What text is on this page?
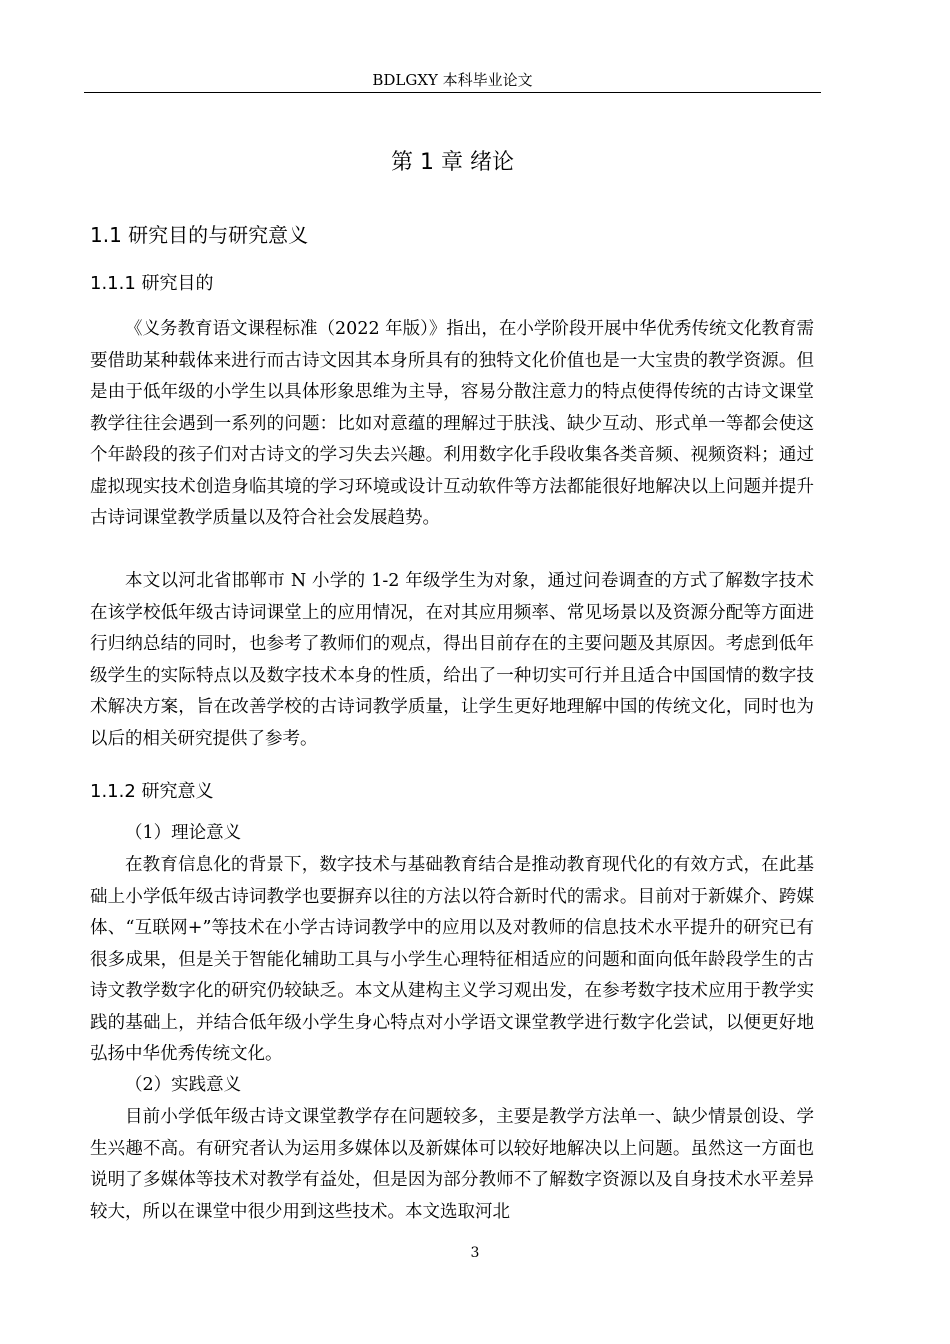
BDLGXY 本科毕业论文
第 1 章 绪论
1.1 研究目的与研究意义
1.1.1 研究目的

《义务教育语文课程标准（2022 年版）》指出，在小学阶段开展中华优秀传统文化教育需要借助某种载体来进行而古诗文因其本身所具有的独特文化价值也是一大宝贵的教学资源。但是由于低年级的小学生以具体形象思维为主导，容易分散注意力的特点使得传统的古诗文课堂教学往往会遇到一系列的问题：比如对意蕴的理解过于肤浅、缺少互动、形式单一等都会使这个年龄段的孩子们对古诗文的学习失去兴趣。利用数字化手段收集各类音频、视频资料；通过虚拟现实技术创造身临其境的学习环境或设计互动软件等方法都能很好地解决以上问题并提升古诗词课堂教学质量以及符合社会发展趋势。

本文以河北省邯郸市 N 小学的 1-2 年级学生为对象，通过问卷调查的方式了解数字技术在该学校低年级古诗词课堂上的应用情况，在对其应用频率、常见场景以及资源分配等方面进行归纳总结的同时，也参考了教师们的观点，得出目前存在的主要问题及其原因。考虑到低年级学生的实际特点以及数字技术本身的性质，给出了一种切实可行并且适合中国国情的数字技术解决方案，旨在改善学校的古诗词教学质量，让学生更好地理解中国的传统文化，同时也为以后的相关研究提供了参考。

1.1.2 研究意义
（1）理论意义

在教育信息化的背景下，数字技术与基础教育结合是推动教育现代化的有效方式，在此基础上小学低年级古诗词教学也要摒弃以往的方法以符合新时代的需求。目前对于新媒介、跨媒体、“互联网+”等技术在小学古诗词教学中的应用以及对教师的信息技术水平提升的研究已有很多成果，但是关于智能化辅助工具与小学生心理特征相适应的问题和面向低年龄段学生的古诗文教学数字化的研究仍较缺乏。本文从建构主义学习观出发，在参考数字技术应用于教学实践的基础上，并结合低年级小学生身心特点对小学语文课堂教学进行数字化尝试，以便更好地弘扬中华优秀传统文化。

（2）实践意义

目前小学低年级古诗文课堂教学存在问题较多，主要是教学方法单一、缺少情景创设、学生兴趣不高。有研究者认为运用多媒体以及新媒体可以较好地解决以上问题。虽然这一方面也说明了多媒体等技术对教学有益处，但是因为部分教师不了解数字资源以及自身技术水平差异较大，所以在课堂中很少用到这些技术。本文选取河北

3
